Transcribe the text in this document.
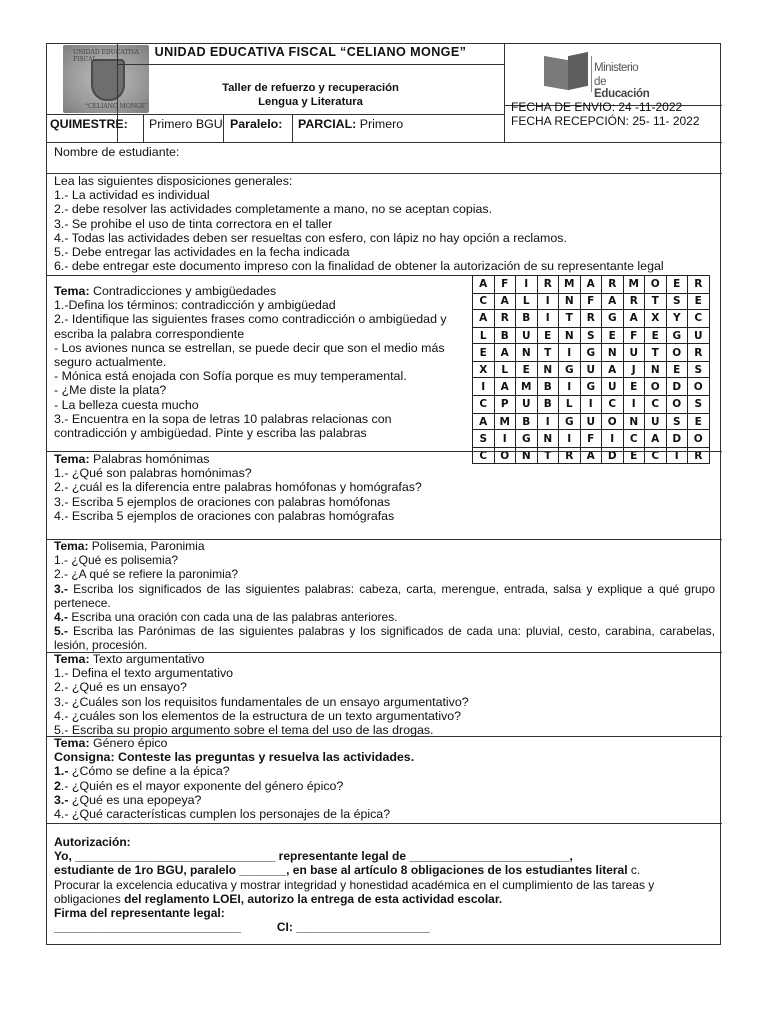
UNIDAD EDUCATIVA FISCAL
“CELIANO MONGE”
UNIDAD EDUCATIVA FISCAL “CELIANO MONGE”
Taller de refuerzo y recuperación
Lengua y Literatura
Ministerio
de Educación
QUIMESTRE: Primero BGU Paralelo: PARCIAL: Primero
FECHA DE ENVIO: 24 -11-2022
FECHA RECEPCIÓN: 25- 11- 2022
Nombre de estudiante:
Lea las siguientes disposiciones generales:
1.- La actividad es individual
2.- debe resolver las actividades completamente a mano, no se aceptan copias.
3.- Se prohibe el uso de tinta correctora en el taller
4.- Todas las actividades deben ser resueltas con esfero, con lápiz no hay opción a reclamos.
5.- Debe entregar las actividades en la fecha indicada
6.- debe entregar este documento impreso con la finalidad de obtener la autorización de su representante legal
Tema: Contradicciones y ambigüedades
1.-Defina los términos: contradicción y ambigüedad
2.- Identifique las siguientes frases como contradicción o ambigüedad y
escriba la palabra correspondiente
- Los aviones nunca se estrellan, se puede decir que son el medio más
seguro actualmente.
- Mónica está enojada con Sofía porque es muy temperamental.
- ¿Me diste la plata?
- La belleza cuesta mucho
3.- Encuentra en la sopa de letras 10 palabras relacionas con
contradicción y ambigüedad. Pinte y escriba las palabras
A	F	I	R	M	A	R	M	O	E	R
C	A	L	I	N	F	A	R	T	S	E
A	R	B	I	T	R	G	A	X	Y	C
L	B	U	E	N	S	E	F	E	G	U
E	A	N	T	I	G	N	U	T	O	R
X	L	E	N	G	U	A	J	N	E	S
I	A	M	B	I	G	U	E	O	D	O
C	P	U	B	L	I	C	I	C	O	S
A	M	B	I	G	U	O	N	U	S	E
S	I	G	N	I	F	I	C	A	D	O
C	O	N	T	R	A	D	E	C	I	R
Tema: Palabras homónimas
1.- ¿Qué son palabras homónimas?
2.- ¿cuál es la diferencia entre palabras homófonas y homógrafas?
3.- Escriba 5 ejemplos de oraciones con palabras homófonas
4.- Escriba 5 ejemplos de oraciones con palabras homógrafas
Tema: Polisemia, Paronimia
1.- ¿Qué es polisemia?
2.- ¿A qué se refiere la paronimia?
3.- Escriba los significados de las siguientes palabras: cabeza, carta, merengue, entrada, salsa y explique a qué grupo pertenece.
4.- Escriba una oración con cada una de las palabras anteriores.
5.- Escriba las Parónimas de las siguientes palabras y los significados de cada una: pluvial, cesto, carabina, carabelas, lesión, procesión.
Tema: Texto argumentativo
1.- Defina el texto argumentativo
2.- ¿Qué es un ensayo?
3.- ¿Cuáles son los requisitos fundamentales de un ensayo argumentativo?
4.- ¿cuáles son los elementos de la estructura de un texto argumentativo?
5.- Escriba su propio argumento sobre el tema del uso de las drogas.
Tema: Género épico
Consigna: Conteste las preguntas y resuelva las actividades.
1.- ¿Cómo se define a la épica?
2.- ¿Quién es el mayor exponente del género épico?
3.- ¿Qué es una epopeya?
4.- ¿Qué características cumplen los personajes de la épica?
Autorización:
Yo, ______________________________ representante legal de ________________________,
estudiante de 1ro BGU, paralelo _______, en base al artículo 8 obligaciones de los estudiantes literal c.
Procurar la excelencia educativa y mostrar integridad y honestidad académica en el cumplimiento de las tareas y
obligaciones del reglamento LOEI, autorizo la entrega de esta actividad escolar.
Firma del representante legal:
____________________________	CI: ____________________
